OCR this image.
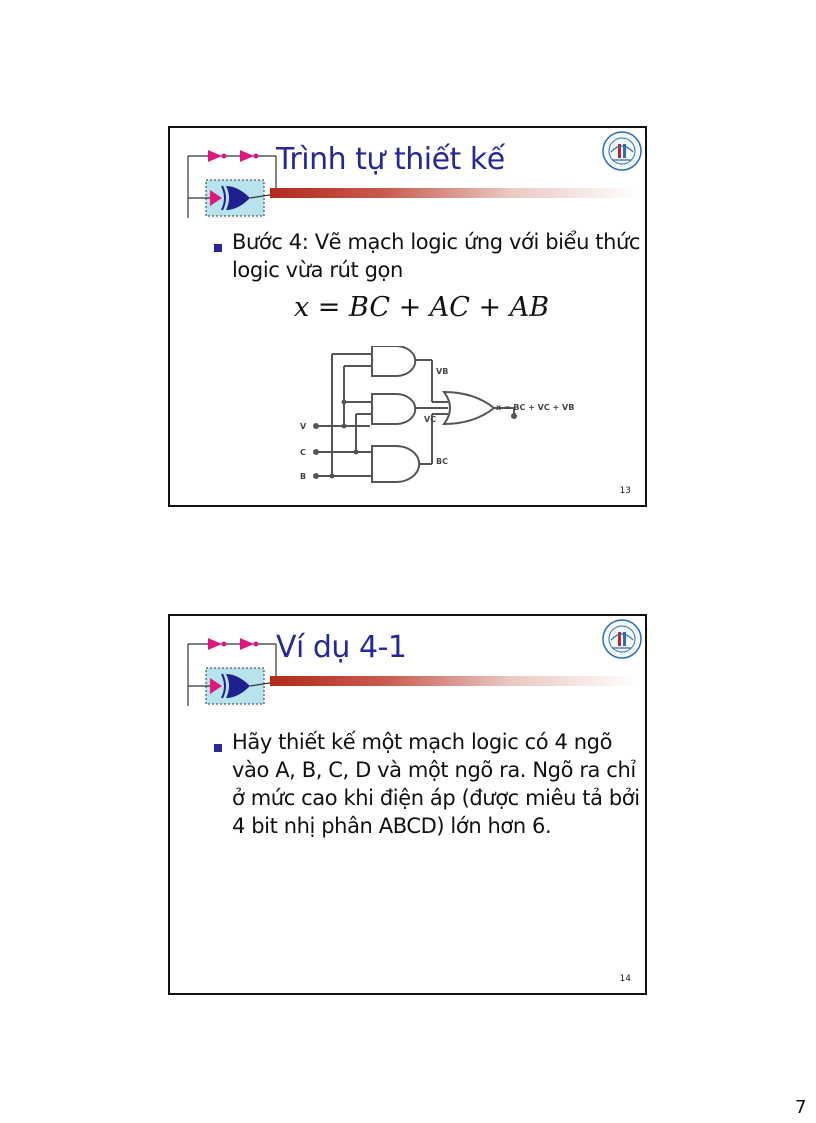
Trình tự thiết kế
Bước 4: Vẽ mạch logic ứng với biểu thức logic vừa rút gọn
x = BC + AC + AB
V
C
B
VB
VC
BC
x = BC + VC + VB
13
Ví dụ 4-1
Hãy thiết kế một mạch logic có 4 ngõ vào A, B, C, D và một ngõ ra. Ngõ ra chỉ ở mức cao khi điện áp (được miêu tả bởi 4 bit nhị phân ABCD) lớn hơn 6.
14
7
